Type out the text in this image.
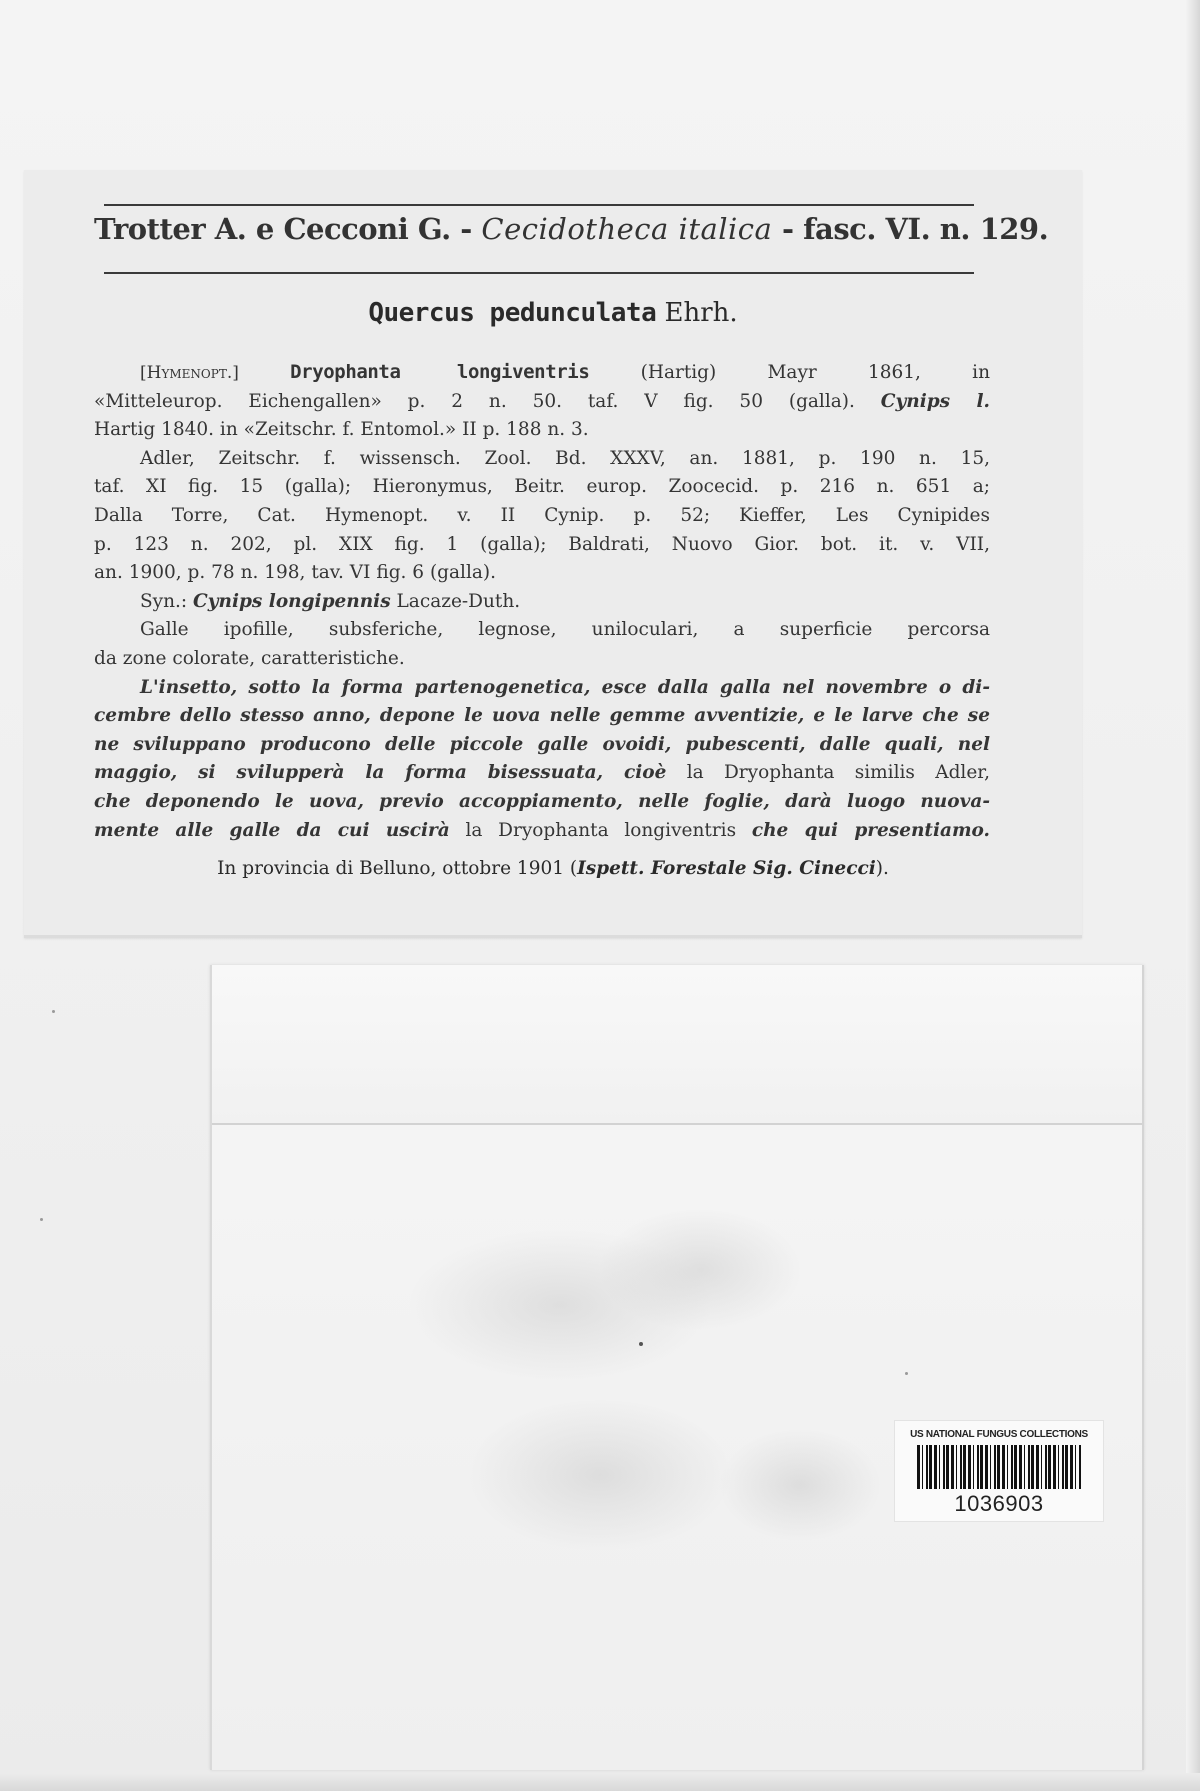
Trotter A. e Cecconi G. - Cecidotheca italica - fasc. VI. n. 129.
Quercus pedunculata Ehrh.

[Hymenopt.]	Dryophanta longiventris	(Hartig) Mayr 1861, in

«Mitteleurop. Eichengallen» p. 2 n. 50. taf. V fig. 50 (galla). Cynips l.

Hartig 1840. in «Zeitschr. f. Entomol.» II p. 188 n. 3.

Adler, Zeitschr. f. wissensch. Zool. Bd. XXXV, an. 1881, p. 190 n. 15,

taf. XI fig. 15 (galla); Hieronymus, Beitr. europ. Zoocecid. p. 216 n. 651 a;

Dalla Torre, Cat. Hymenopt. v. II Cynip. p. 52; Kieffer, Les Cynipides

p. 123 n. 202, pl. XIX fig. 1 (galla); Baldrati, Nuovo Gior. bot. it. v. VII,

an. 1900, p. 78 n. 198, tav. VI fig. 6 (galla).

Syn.: Cynips longipennis Lacaze-Duth.

Galle ipofille, subsferiche, legnose, uniloculari, a superficie percorsa

da zone colorate, caratteristiche.

L'insetto, sotto la forma partenogenetica, esce dalla galla nel novembre o di-

cembre dello stesso anno, depone le uova nelle gemme avventizie, e le larve che se

ne sviluppano producono delle piccole galle ovoidi, pubescenti, dalle quali, nel

maggio, si svilupperà la forma bisessuata, cioè la Dryophanta similis Adler,

che deponendo le uova, previo accoppiamento, nelle foglie, darà luogo nuova-

mente alle galle da cui uscirà la Dryophanta longiventris che qui presentiamo.

In provincia di Belluno, ottobre 1901 (Ispett. Forestale Sig. Cinecci).
US NATIONAL FUNGUS COLLECTIONS
1036903
